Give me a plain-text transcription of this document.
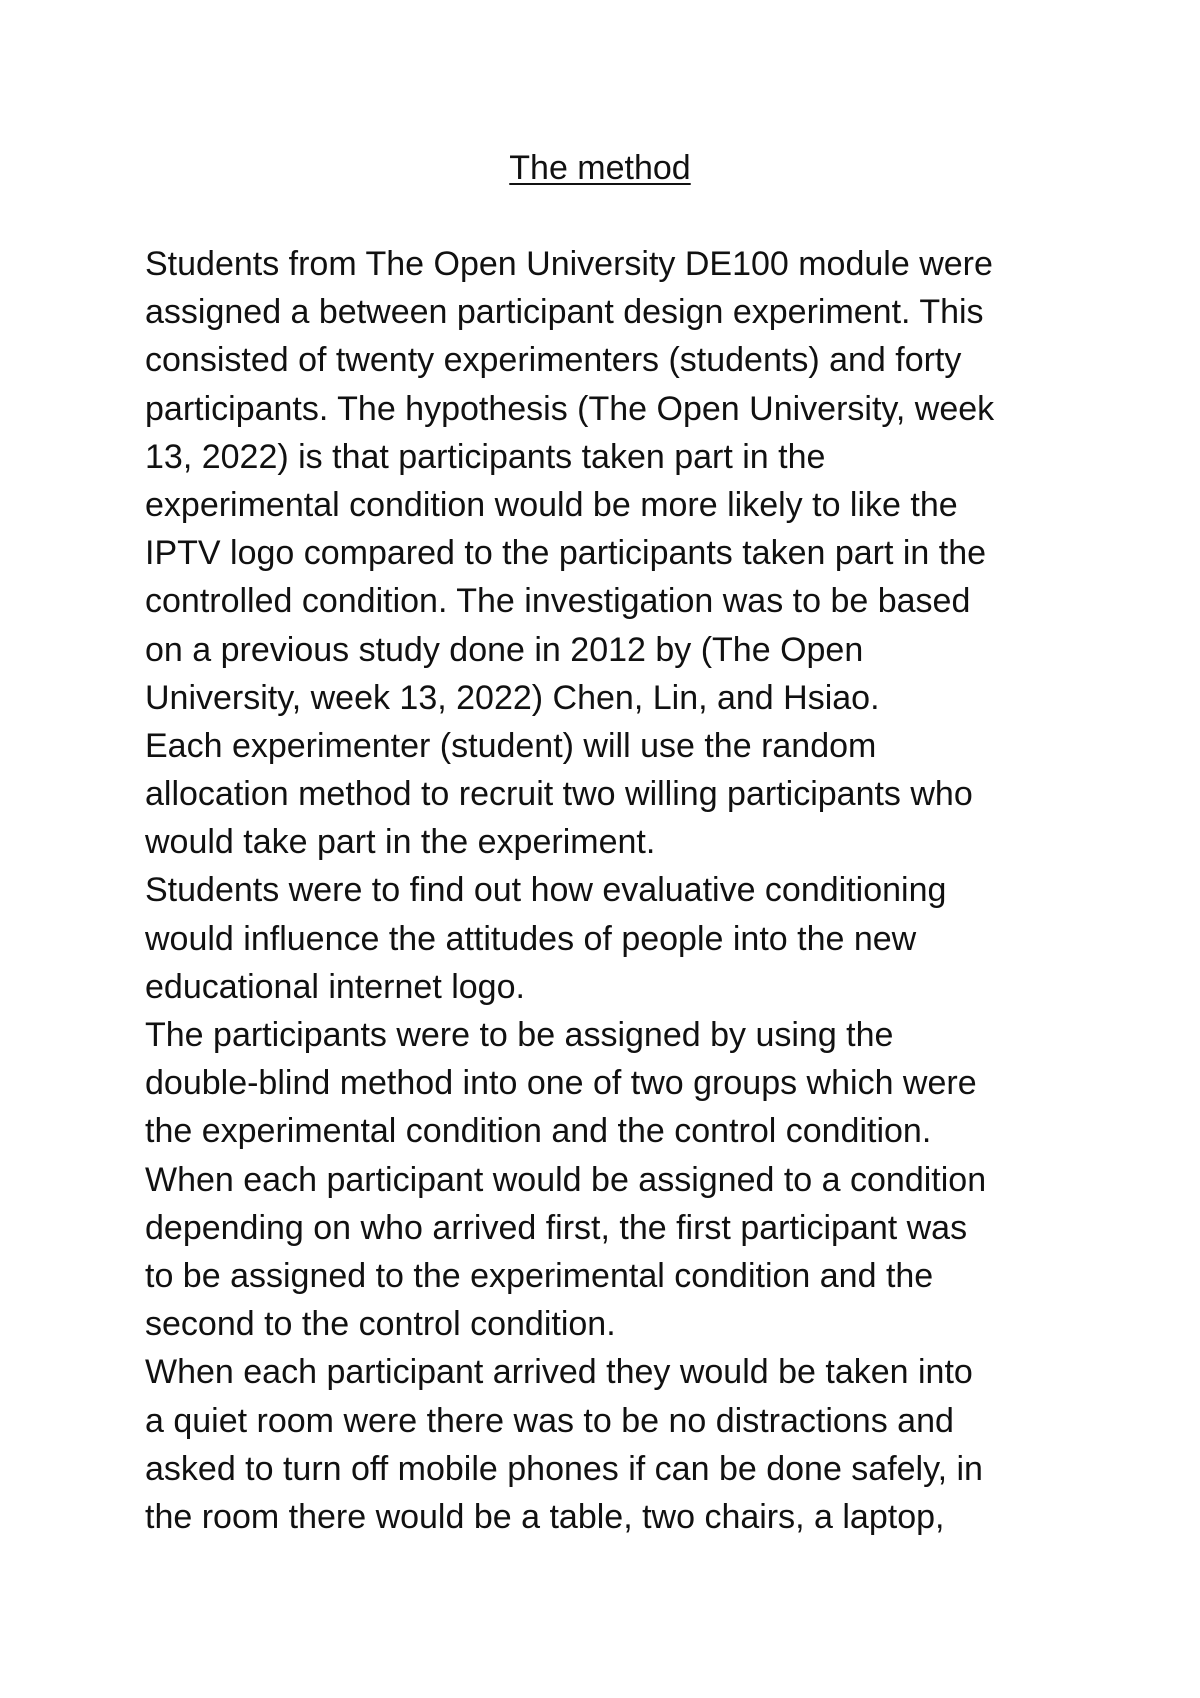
The method
Students from The Open University DE100 module were
assigned a between participant design experiment. This
consisted of twenty experimenters (students) and forty
participants. The hypothesis (The Open University, week
13, 2022) is that participants taken part in the
experimental condition would be more likely to like the
IPTV logo compared to the participants taken part in the
controlled condition. The investigation was to be based
on a previous study done in 2012 by (The Open
University, week 13, 2022) Chen, Lin, and Hsiao.
Each experimenter (student) will use the random
allocation method to recruit two willing participants who
would take part in the experiment.
Students were to find out how evaluative conditioning
would influence the attitudes of people into the new
educational internet logo.
The participants were to be assigned by using the
double-blind method into one of two groups which were
the experimental condition and the control condition.
When each participant would be assigned to a condition
depending on who arrived first, the first participant was
to be assigned to the experimental condition and the
second to the control condition.
When each participant arrived they would be taken into
a quiet room were there was to be no distractions and
asked to turn off mobile phones if can be done safely, in
the room there would be a table, two chairs, a laptop,
